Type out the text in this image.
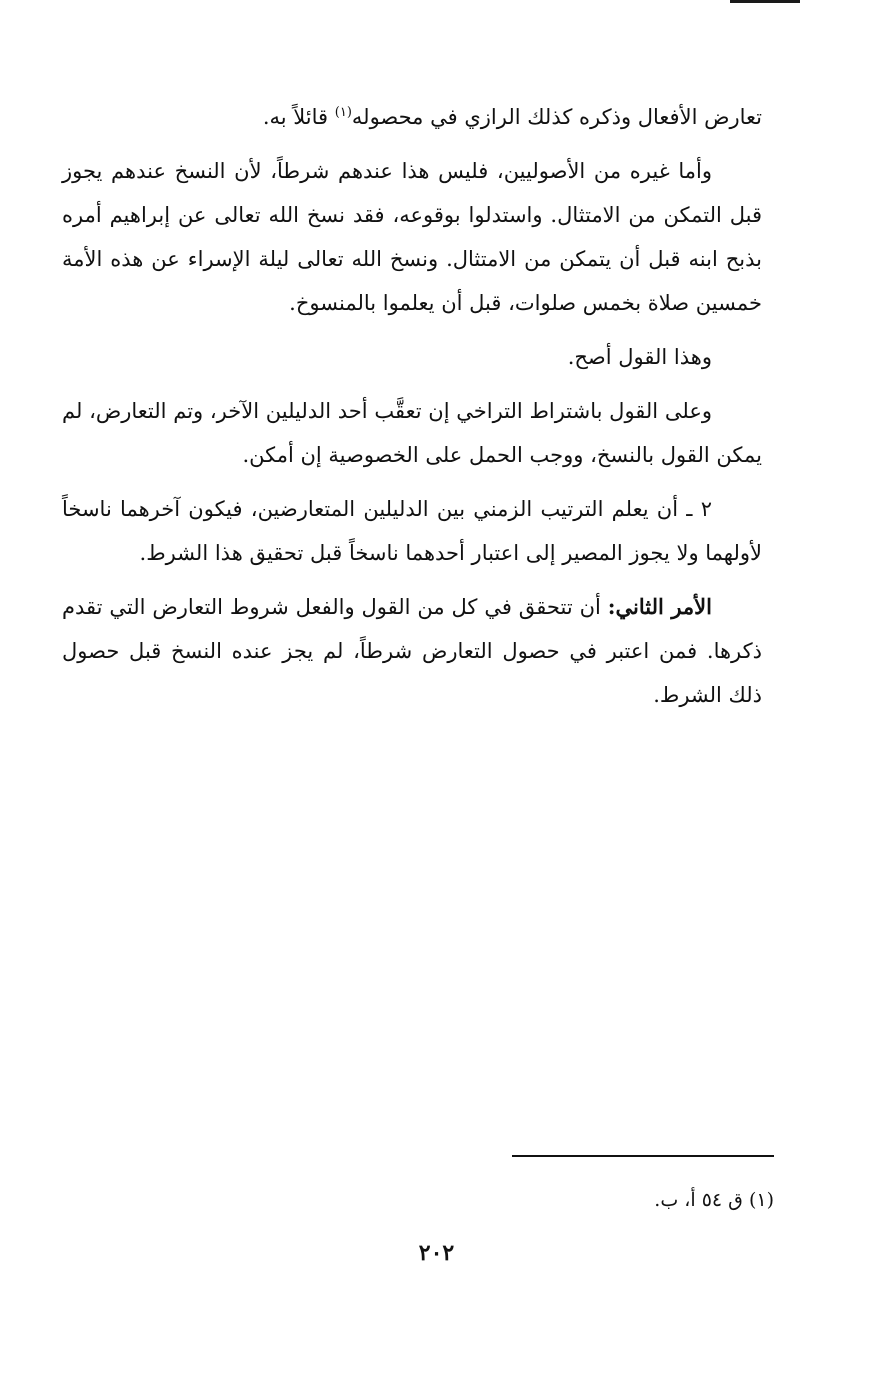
تعارض الأفعال وذكره كذلك الرازي في محصوله$^{(١)}$ قائلاً به.

وأما غيره من الأصوليين، فليس هذا عندهم شرطاً، لأن النسخ عندهم يجوز قبل التمكن من الامتثال. واستدلوا بوقوعه، فقد نسخ الله تعالى عن إبراهيم أمره بذبح ابنه قبل أن يتمكن من الامتثال. ونسخ الله تعالى ليلة الإسراء عن هذه الأمة خمسين صلاة بخمس صلوات، قبل أن يعلموا بالمنسوخ.

وهذا القول أصح.

وعلى القول باشتراط التراخي إن تعقَّب أحد الدليلين الآخر، وتم التعارض، لم يمكن القول بالنسخ، ووجب الحمل على الخصوصية إن أمكن.

٢ ـ أن يعلم الترتيب الزمني بين الدليلين المتعارضين، فيكون آخرهما ناسخاً لأولهما ولا يجوز المصير إلى اعتبار أحدهما ناسخاً قبل تحقيق هذا الشرط.

الأمر الثاني: أن تتحقق في كل من القول والفعل شروط التعارض التي تقدم ذكرها. فمن اعتبر في حصول التعارض شرطاً، لم يجز عنده النسخ قبل حصول ذلك الشرط.

(١) ق ٥٤ أ، ب.

٢٠٢
